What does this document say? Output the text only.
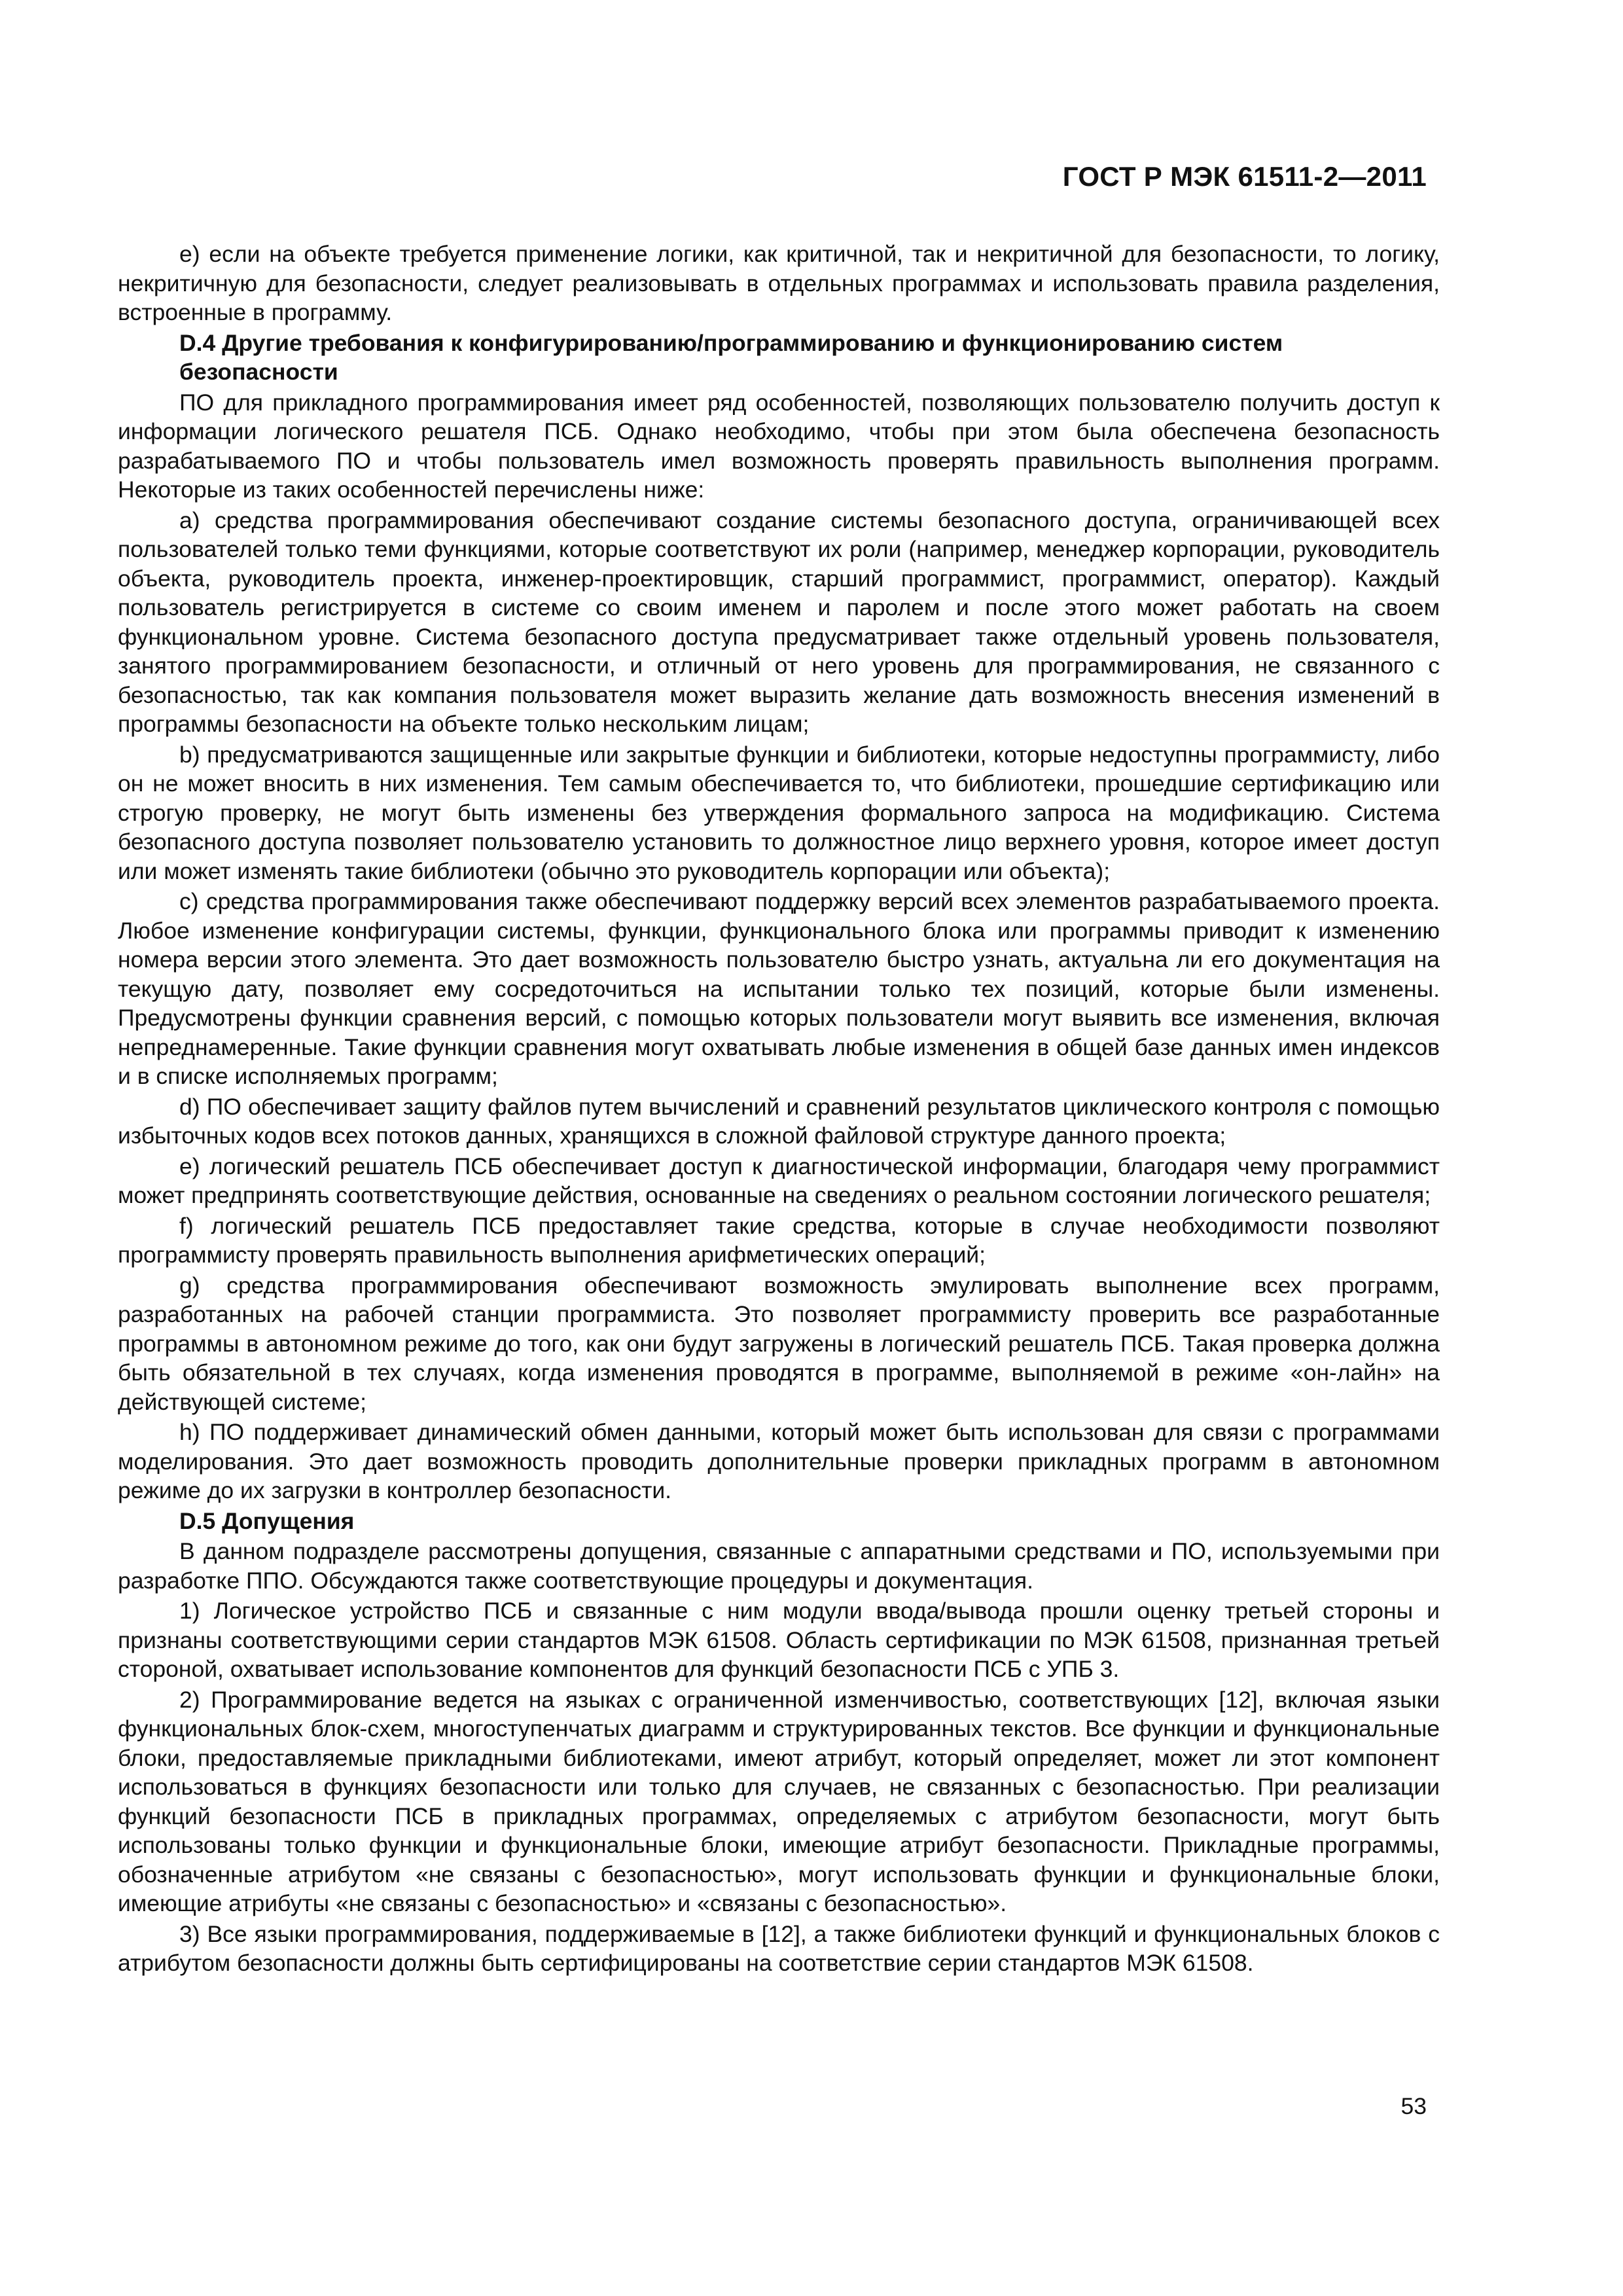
ГОСТ Р МЭК 61511-2—2011

е) если на объекте требуется применение логики, как критичной, так и некритичной для безопасности, то логику, некритичную для безопасности, следует реализовывать в отдельных программах и использовать правила разделения, встроенные в программу.

D.4 Другие требования к конфигурированию/программированию и функционированию систем безопасности

ПО для прикладного программирования имеет ряд особенностей, позволяющих пользователю получить доступ к информации логического решателя ПСБ. Однако необходимо, чтобы при этом была обеспечена безопасность разрабатываемого ПО и чтобы пользователь имел возможность проверять правильность выполнения программ. Некоторые из таких особенностей перечислены ниже:

а) средства программирования обеспечивают создание системы безопасного доступа, ограничивающей всех пользователей только теми функциями, которые соответствуют их роли (например, менеджер корпорации, руководитель объекта, руководитель проекта, инженер-проектировщик, старший программист, программист, оператор). Каждый пользователь регистрируется в системе со своим именем и паролем и после этого может работать на своем функциональном уровне. Система безопасного доступа предусматривает также отдельный уровень пользователя, занятого программированием безопасности, и отличный от него уровень для программирования, не связанного с безопасностью, так как компания пользователя может выразить желание дать возможность внесения изменений в программы безопасности на объекте только нескольким лицам;

b) предусматриваются защищенные или закрытые функции и библиотеки, которые недоступны программисту, либо он не может вносить в них изменения. Тем самым обеспечивается то, что библиотеки, прошедшие сертификацию или строгую проверку, не могут быть изменены без утверждения формального запроса на модификацию. Система безопасного доступа позволяет пользователю установить то должностное лицо верхнего уровня, которое имеет доступ или может изменять такие библиотеки (обычно это руководитель корпорации или объекта);

с) средства программирования также обеспечивают поддержку версий всех элементов разрабатываемого проекта. Любое изменение конфигурации системы, функции, функционального блока или программы приводит к изменению номера версии этого элемента. Это дает возможность пользователю быстро узнать, актуальна ли его документация на текущую дату, позволяет ему сосредоточиться на испытании только тех позиций, которые были изменены. Предусмотрены функции сравнения версий, с помощью которых пользователи могут выявить все изменения, включая непреднамеренные. Такие функции сравнения могут охватывать любые изменения в общей базе данных имен индексов и в списке исполняемых программ;

d) ПО обеспечивает защиту файлов путем вычислений и сравнений результатов циклического контроля с помощью избыточных кодов всех потоков данных, хранящихся в сложной файловой структуре данного проекта;

е) логический решатель ПСБ обеспечивает доступ к диагностической информации, благодаря чему программист может предпринять соответствующие действия, основанные на сведениях о реальном состоянии логического решателя;

f) логический решатель ПСБ предоставляет такие средства, которые в случае необходимости позволяют программисту проверять правильность выполнения арифметических операций;

g) средства программирования обеспечивают возможность эмулировать выполнение всех программ, разработанных на рабочей станции программиста. Это позволяет программисту проверить все разработанные программы в автономном режиме до того, как они будут загружены в логический решатель ПСБ. Такая проверка должна быть обязательной в тех случаях, когда изменения проводятся в программе, выполняемой в режиме «он-лайн» на действующей системе;

h) ПО поддерживает динамический обмен данными, который может быть использован для связи с программами моделирования. Это дает возможность проводить дополнительные проверки прикладных программ в автономном режиме до их загрузки в контроллер безопасности.

D.5 Допущения

В данном подразделе рассмотрены допущения, связанные с аппаратными средствами и ПО, используемыми при разработке ППО. Обсуждаются также соответствующие процедуры и документация.

1) Логическое устройство ПСБ и связанные с ним модули ввода/вывода прошли оценку третьей стороны и признаны соответствующими серии стандартов МЭК 61508. Область сертификации по МЭК 61508, признанная третьей стороной, охватывает использование компонентов для функций безопасности ПСБ с УПБ 3.

2) Программирование ведется на языках с ограниченной изменчивостью, соответствующих [12], включая языки функциональных блок-схем, многоступенчатых диаграмм и структурированных текстов. Все функции и функциональные блоки, предоставляемые прикладными библиотеками, имеют атрибут, который определяет, может ли этот компонент использоваться в функциях безопасности или только для случаев, не связанных с безопасностью. При реализации функций безопасности ПСБ в прикладных программах, определяемых с атрибутом безопасности, могут быть использованы только функции и функциональные блоки, имеющие атрибут безопасности. Прикладные программы, обозначенные атрибутом «не связаны с безопасностью», могут использовать функции и функциональные блоки, имеющие атрибуты «не связаны с безопасностью» и «связаны с безопасностью».

3) Все языки программирования, поддерживаемые в [12], а также библиотеки функций и функциональных блоков с атрибутом безопасности должны быть сертифицированы на соответствие серии стандартов МЭК 61508.

53
